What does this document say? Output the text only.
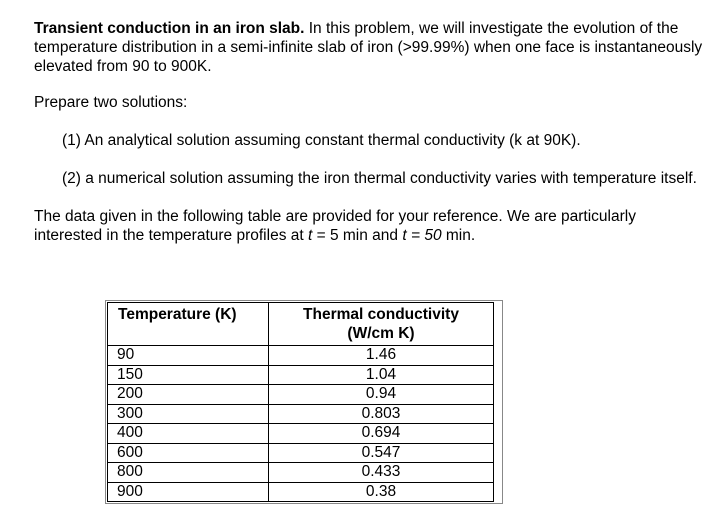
Transient conduction in an iron slab. In this problem, we will investigate the evolution of the temperature distribution in a semi-infinite slab of iron (>99.99%) when one face is instantaneously elevated from 90 to 900K.

Prepare two solutions:

(1) An analytical solution assuming constant thermal conductivity (k at 90K).

(2) a numerical solution assuming the iron thermal conductivity varies with temperature itself.

The data given in the following table are provided for your reference. We are particularly interested in the temperature profiles at t = 5 min and t = 50 min.

Temperature (K)	Thermal conductivity
(W/cm K)
90	1.46
150	1.04
200	0.94
300	0.803
400	0.694
600	0.547
800	0.433
900	0.38
